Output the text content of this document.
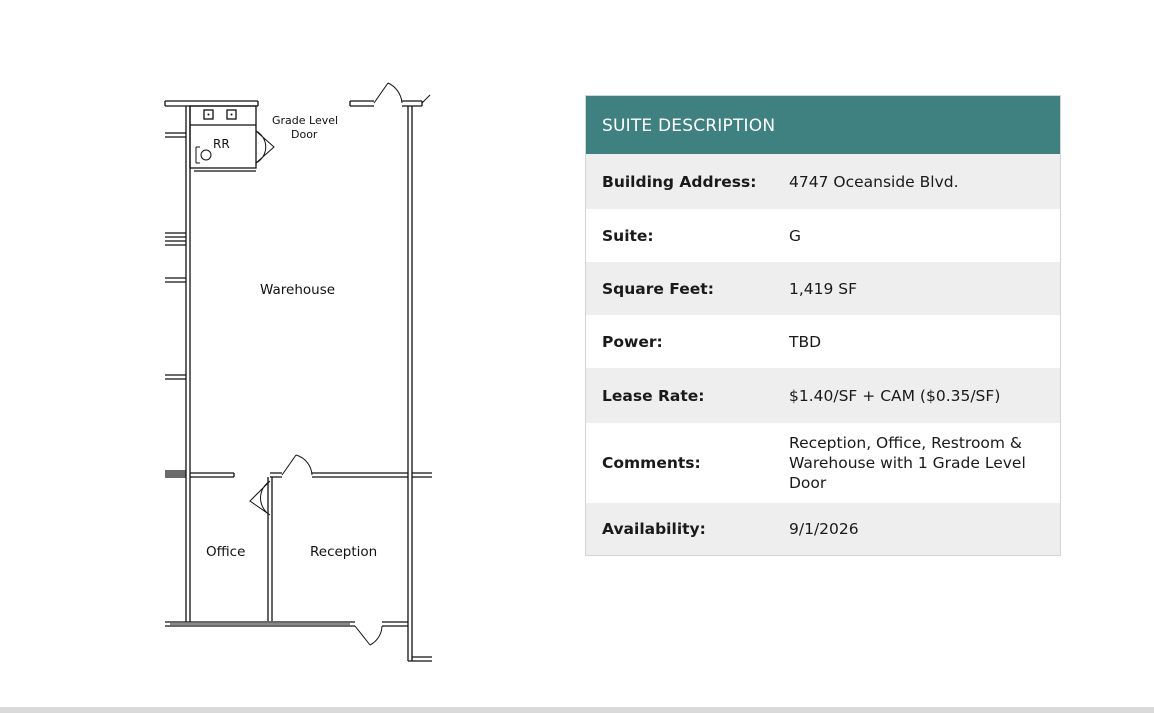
RR
Grade Level
Door
Warehouse
Office	Reception
SUITE DESCRIPTION
Building Address:	4747 Oceanside Blvd.
Suite:	G
Square Feet:	1,419 SF
Power:	TBD
Lease Rate:	$1.40/SF + CAM ($0.35/SF)
Comments:
Reception, Office, Restroom & Warehouse with 1 Grade Level Door
Availability:	9/1/2026
